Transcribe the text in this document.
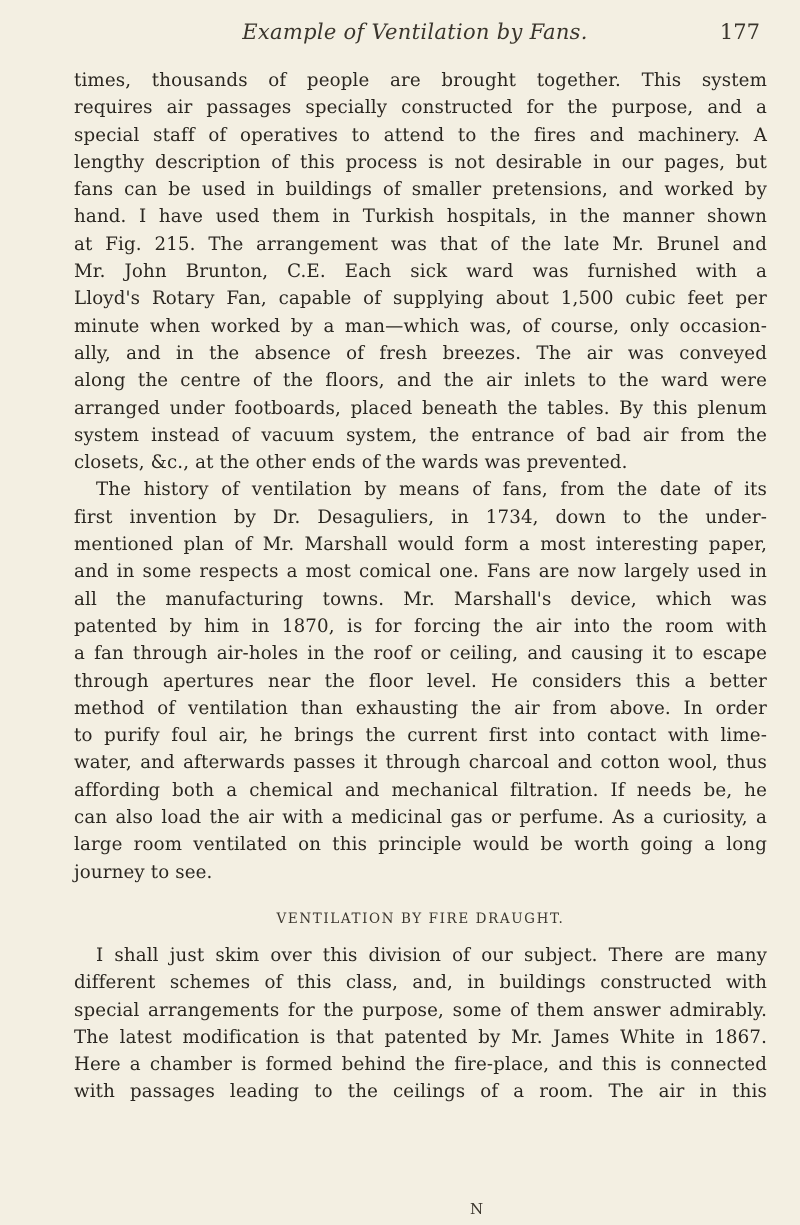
Example of Ventilation by Fans.	177
times, thousands of people are brought together. This system
requires air passages specially constructed for the purpose, and a
special staff of operatives to attend to the fires and machinery. A
lengthy description of this process is not desirable in our pages, but
fans can be used in buildings of smaller pretensions, and worked by
hand. I have used them in Turkish hospitals, in the manner shown
at Fig. 215. The arrangement was that of the late Mr. Brunel and
Mr. John Brunton, C.E. Each sick ward was furnished with a
Lloyd's Rotary Fan, capable of supplying about 1,500 cubic feet per
minute when worked by a man—which was, of course, only occasion-
ally, and in the absence of fresh breezes. The air was conveyed
along the centre of the floors, and the air inlets to the ward were
arranged under footboards, placed beneath the tables. By this plenum
system instead of vacuum system, the entrance of bad air from the
closets, &c., at the other ends of the wards was prevented.
The history of ventilation by means of fans, from the date of its
first invention by Dr. Desaguliers, in 1734, down to the under-
mentioned plan of Mr. Marshall would form a most interesting paper,
and in some respects a most comical one. Fans are now largely used in
all the manufacturing towns. Mr. Marshall's device, which was
patented by him in 1870, is for forcing the air into the room with
a fan through air-holes in the roof or ceiling, and causing it to escape
through apertures near the floor level. He considers this a better
method of ventilation than exhausting the air from above. In order
to purify foul air, he brings the current first into contact with lime-
water, and afterwards passes it through charcoal and cotton wool, thus
affording both a chemical and mechanical filtration. If needs be, he
can also load the air with a medicinal gas or perfume. As a curiosity, a
large room ventilated on this principle would be worth going a long
journey to see.
VENTILATION BY FIRE DRAUGHT.
I shall just skim over this division of our subject. There are many
different schemes of this class, and, in buildings constructed with
special arrangements for the purpose, some of them answer admirably.
The latest modification is that patented by Mr. James White in 1867.
Here a chamber is formed behind the fire-place, and this is connected
with passages leading to the ceilings of a room. The air in this
N
